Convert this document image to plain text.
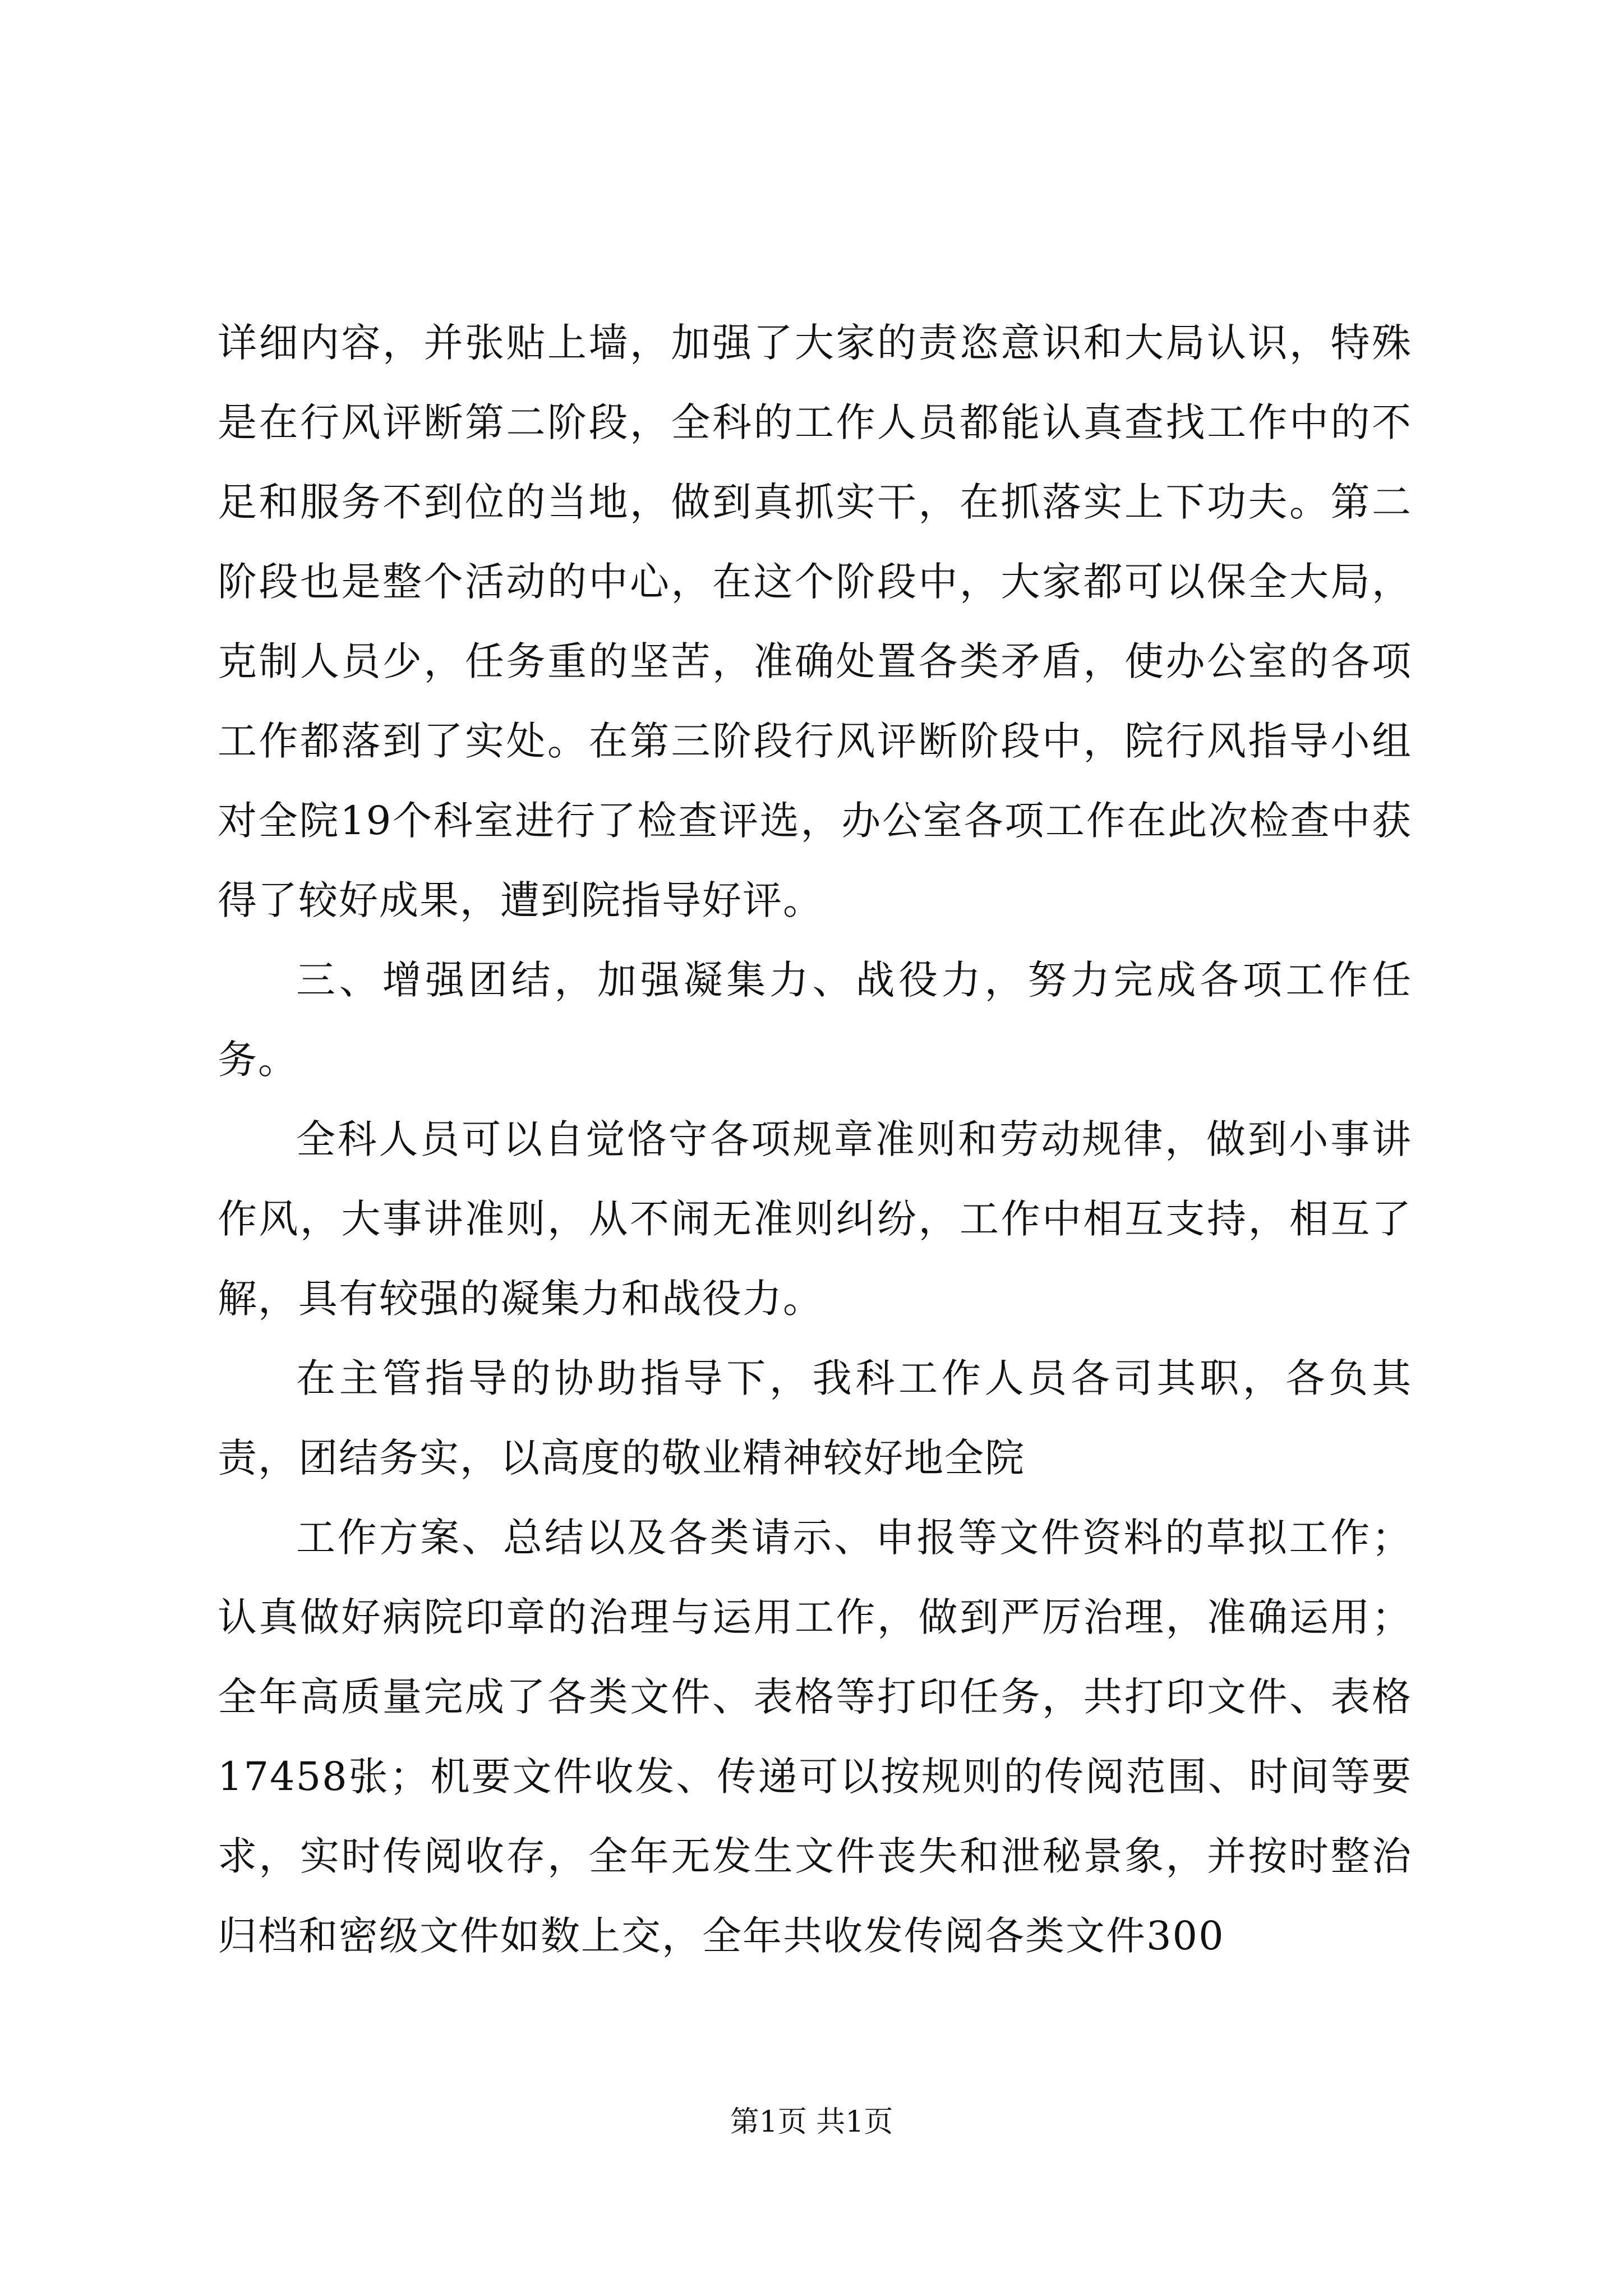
详细内容，并张贴上墙，加强了大家的责恣意识和大局认识，特殊是在行风评断第二阶段，全科的工作人员都能认真查找工作中的不足和服务不到位的当地，做到真抓实干，在抓落实上下功夫。第二阶段也是整个活动的中心，在这个阶段中，大家都可以保全大局，克制人员少，任务重的坚苦，准确处置各类矛盾，使办公室的各项工作都落到了实处。在第三阶段行风评断阶段中，院行风指导小组对全院19个科室进行了检查评选，办公室各项工作在此次检查中获得了较好成果，遭到院指导好评。

三、增强团结，加强凝集力、战役力，努力完成各项工作任务。

全科人员可以自觉恪守各项规章准则和劳动规律，做到小事讲作风，大事讲准则，从不闹无准则纠纷，工作中相互支持，相互了解，具有较强的凝集力和战役力。

在主管指导的协助指导下，我科工作人员各司其职，各负其责，团结务实，以高度的敬业精神较好地全院

工作方案、总结以及各类请示、申报等文件资料的草拟工作；认真做好病院印章的治理与运用工作，做到严厉治理，准确运用；全年高质量完成了各类文件、表格等打印任务，共打印文件、表格17458张；机要文件收发、传递可以按规则的传阅范围、时间等要求，实时传阅收存，全年无发生文件丧失和泄秘景象，并按时整治归档和密级文件如数上交，全年共收发传阅各类文件300

第1页 共1页
